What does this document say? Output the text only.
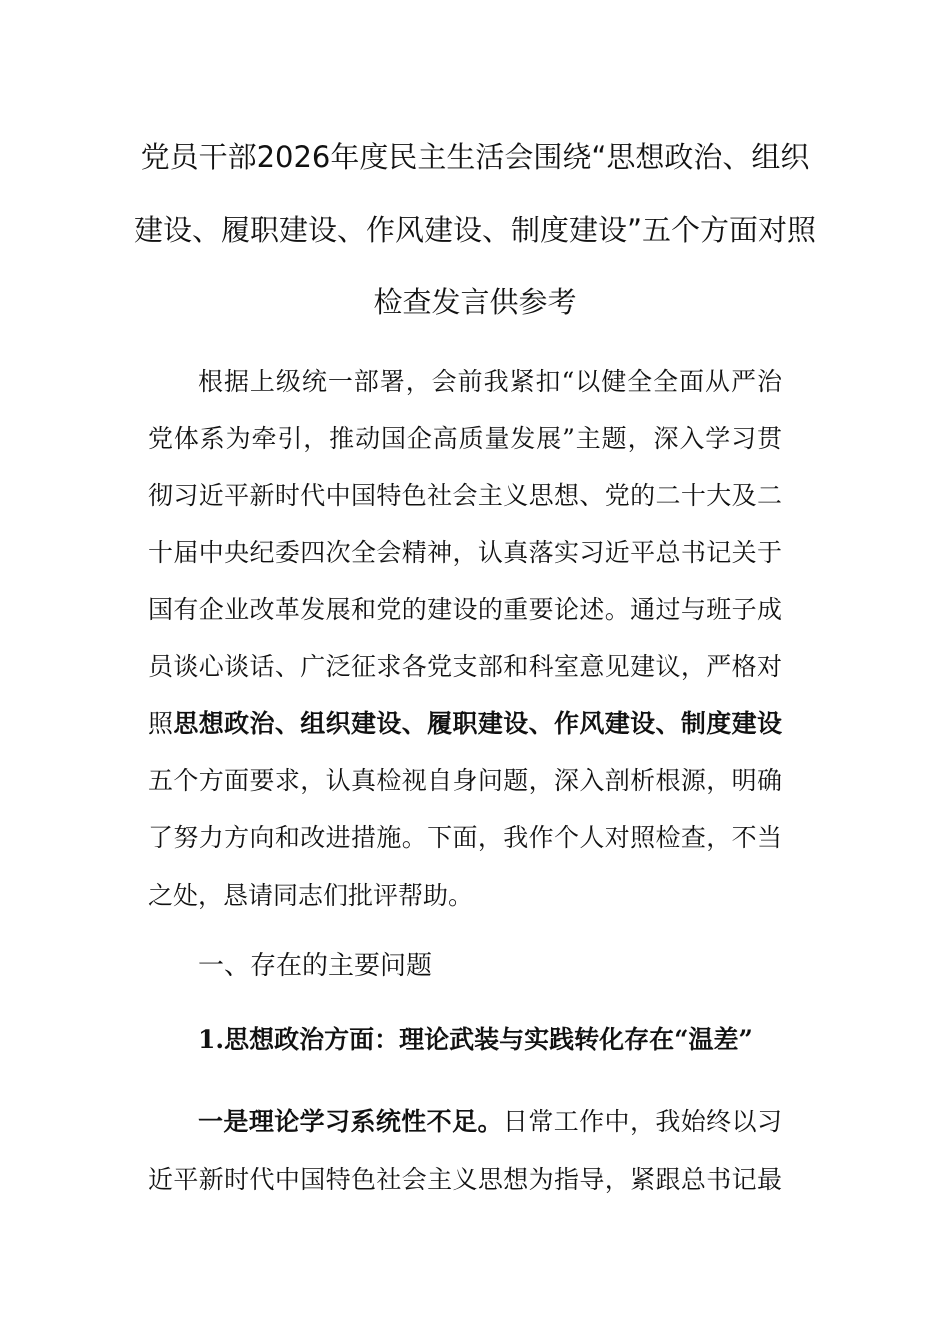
党员干部2026年度民主生活会围绕“思想政治、组织
建设、履职建设、作风建设、制度建设”五个方面对照
检查发言供参考
根据上级统一部署，会前我紧扣“以健全全面从严治
党体系为牵引，推动国企高质量发展”主题，深入学习贯
彻习近平新时代中国特色社会主义思想、党的二十大及二
十届中央纪委四次全会精神，认真落实习近平总书记关于
国有企业改革发展和党的建设的重要论述。通过与班子成
员谈心谈话、广泛征求各党支部和科室意见建议，严格对
照思想政治、组织建设、履职建设、作风建设、制度建设
五个方面要求，认真检视自身问题，深入剖析根源，明确
了努力方向和改进措施。下面，我作个人对照检查，不当
之处，恳请同志们批评帮助。
一、存在的主要问题
1.思想政治方面：理论武装与实践转化存在“温差”
一是理论学习系统性不足。日常工作中，我始终以习
近平新时代中国特色社会主义思想为指导，紧跟总书记最
